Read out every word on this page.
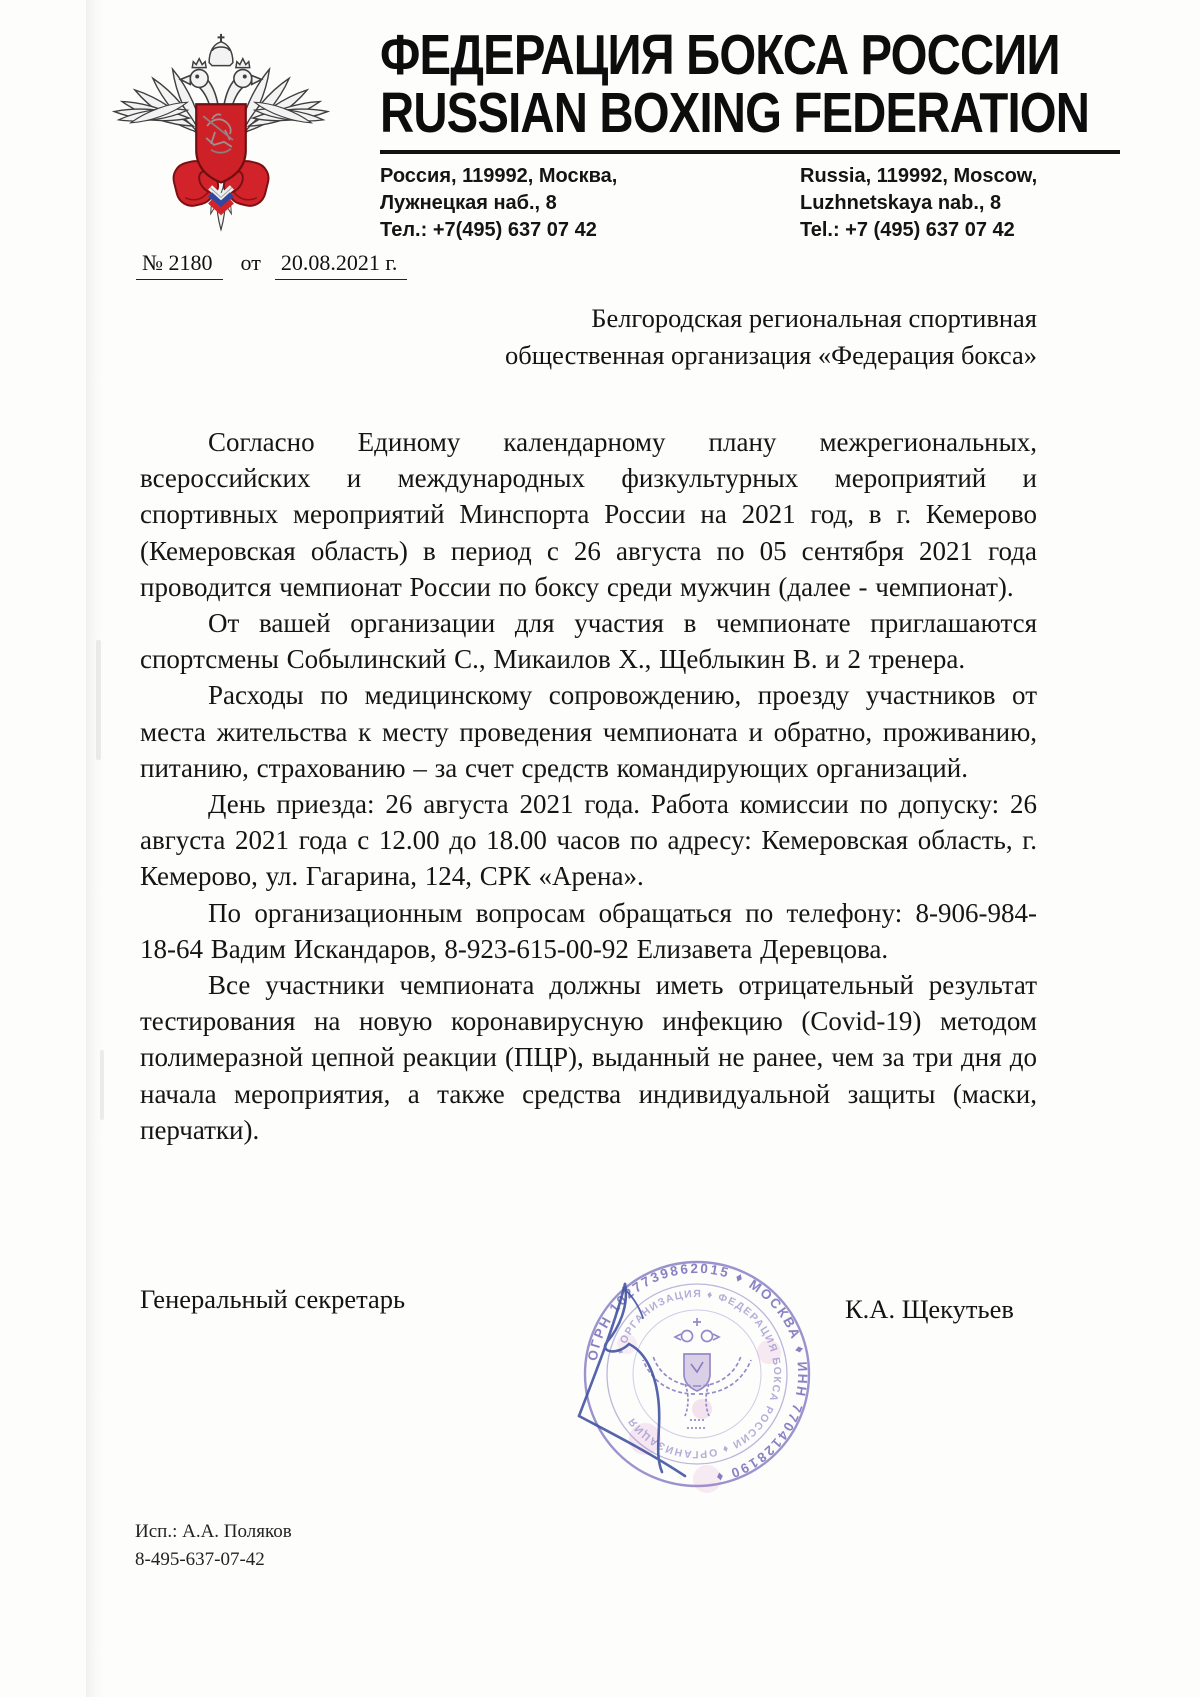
ФЕДЕРАЦИЯ БОКСА РОССИИ
RUSSIAN BOXING FEDERATION
Россия, 119992, Москва,
Лужнецкая наб., 8
Тел.: +7(495) 637 07 42
Russia, 119992, Moscow,
Luzhnetskaya nab., 8
Tel.: +7 (495) 637 07 42
№ 2180 от 20.08.2021 г.
Белгородская региональная спортивная
общественная организация «Федерация бокса»

Согласно Единому календарному плану межрегиональных, всероссийских и международных физкультурных мероприятий и спортивных мероприятий Минспорта России на 2021 год, в г. Кемерово (Кемеровская область) в период с 26 августа по 05 сентября 2021 года проводится чемпионат России по боксу среди мужчин (далее - чемпионат).

От вашей организации для участия в чемпионате приглашаются спортсмены Собылинский С., Микаилов Х., Щеблыкин В. и 2 тренера.

Расходы по медицинскому сопровождению, проезду участников от места жительства к месту проведения чемпионата и обратно, проживанию, питанию, страхованию – за счет средств командирующих организаций.

День приезда: 26 августа 2021 года. Работа комиссии по допуску: 26 августа 2021 года с 12.00 до 18.00 часов по адресу: Кемеровская область, г. Кемерово, ул. Гагарина, 124, СРК «Арена».

По организационным вопросам обращаться по телефону: 8-906-984-18-64 Вадим Искандаров, 8-923-615-00-92 Елизавета Деревцова.

Все участники чемпионата должны иметь отрицательный результат тестирования на новую коронавирусную инфекцию (Covid-19) методом полимеразной цепной реакции (ПЦР), выданный не ранее, чем за три дня до начала мероприятия, а также средства индивидуальной защиты (маски, перчатки).

Генеральный секретарь	К.А. Щекутьев
ОГРН 1027739862015 ♦ МОСКВА ♦ ИНН 7704128190 ♦
♦ ОРГАНИЗАЦИЯ ♦ ФЕДЕРАЦИЯ БОКСА РОССИИ ♦ ОРГАНИЗАЦИЯ
Исп.: А.А. Поляков
8-495-637-07-42
